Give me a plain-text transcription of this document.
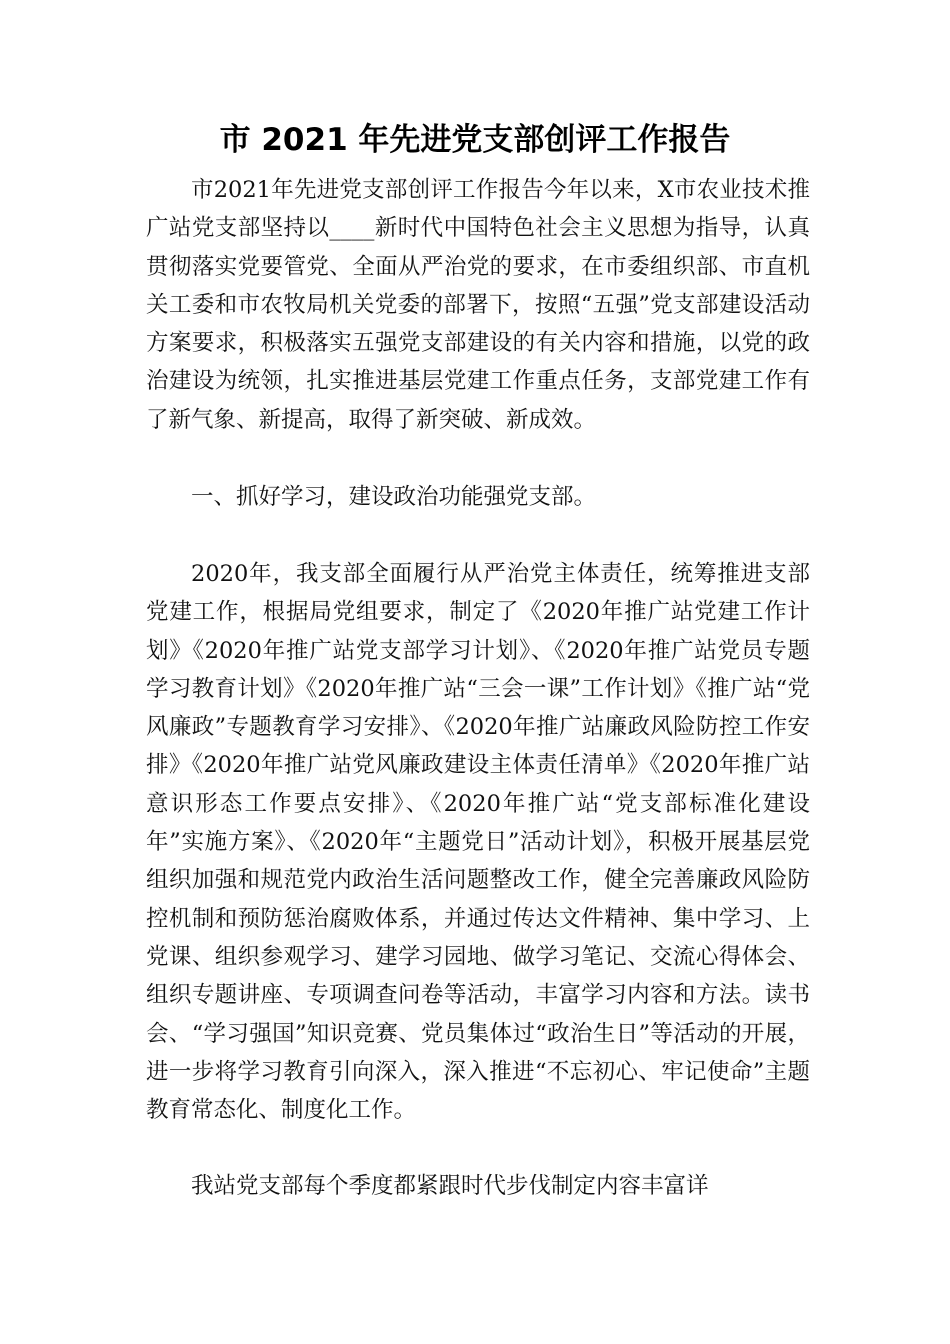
市 2021 年先进党支部创评工作报告

市2021年先进党支部创评工作报告今年以来，X市农业技术推广站党支部坚持以____新时代中国特色社会主义思想为指导，认真贯彻落实党要管党、全面从严治党的要求，在市委组织部、市直机关工委和市农牧局机关党委的部署下，按照“五强”党支部建设活动方案要求，积极落实五强党支部建设的有关内容和措施，以党的政治建设为统领，扎实推进基层党建工作重点任务，支部党建工作有了新气象、新提高，取得了新突破、新成效。

一、抓好学习，建设政治功能强党支部。

2020年，我支部全面履行从严治党主体责任，统筹推进支部党建工作，根据局党组要求，制定了《2020年推广站党建工作计划》《2020年推广站党支部学习计划》、《2020年推广站党员专题学习教育计划》《2020年推广站“三会一课”工作计划》《推广站“党风廉政”专题教育学习安排》、《2020年推广站廉政风险防控工作安排》《2020年推广站党风廉政建设主体责任清单》《2020年推广站意识形态工作要点安排》、《2020年推广站“党支部标准化建设年”实施方案》、《2020年“主题党日”活动计划》，积极开展基层党组织加强和规范党内政治生活问题整改工作，健全完善廉政风险防控机制和预防惩治腐败体系，并通过传达文件精神、集中学习、上党课、组织参观学习、建学习园地、做学习笔记、交流心得体会、组织专题讲座、专项调查问卷等活动，丰富学习内容和方法。读书会、“学习强国”知识竞赛、党员集体过“政治生日”等活动的开展，进一步将学习教育引向深入，深入推进“不忘初心、牢记使命”主题教育常态化、制度化工作。

我站党支部每个季度都紧跟时代步伐制定内容丰富详
